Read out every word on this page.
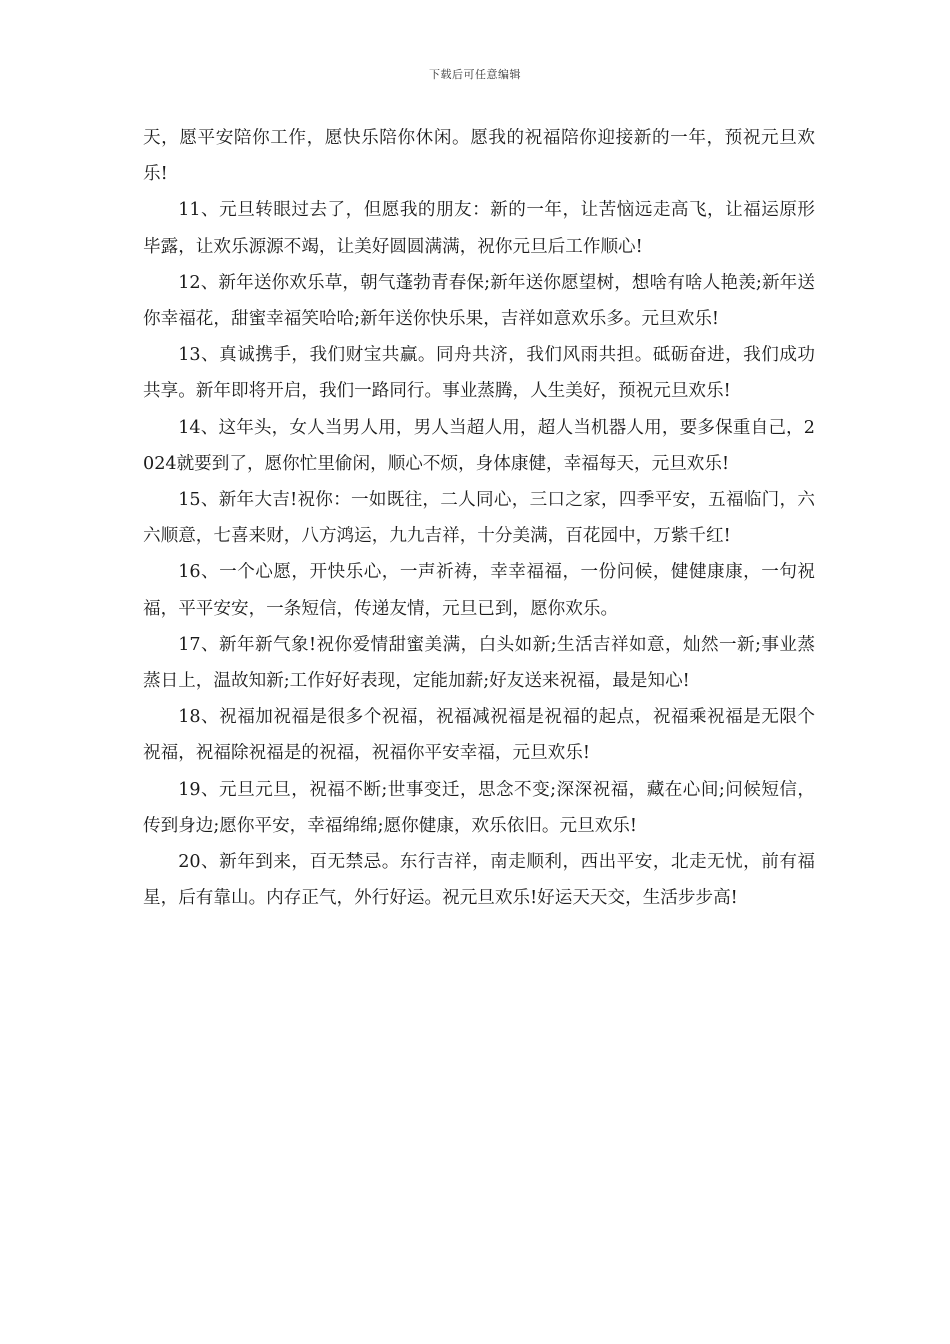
下载后可任意编辑

天，愿平安陪你工作，愿快乐陪你休闲。愿我的祝福陪你迎接新的一年，预祝元旦欢乐!

11、元旦转眼过去了，但愿我的朋友：新的一年，让苦恼远走高飞，让福运原形毕露，让欢乐源源不竭，让美好圆圆满满，祝你元旦后工作顺心!

12、新年送你欢乐草，朝气蓬勃青春保;新年送你愿望树，想啥有啥人艳羡;新年送你幸福花，甜蜜幸福笑哈哈;新年送你快乐果，吉祥如意欢乐多。元旦欢乐!

13、真诚携手，我们财宝共赢。同舟共济，我们风雨共担。砥砺奋进，我们成功共享。新年即将开启，我们一路同行。事业蒸腾，人生美好，预祝元旦欢乐!

14、这年头，女人当男人用，男人当超人用，超人当机器人用，要多保重自己，2024就要到了，愿你忙里偷闲，顺心不烦，身体康健，幸福每天，元旦欢乐!

15、新年大吉!祝你：一如既往，二人同心，三口之家，四季平安，五福临门，六六顺意，七喜来财，八方鸿运，九九吉祥，十分美满，百花园中，万紫千红!

16、一个心愿，开快乐心，一声祈祷，幸幸福福，一份问候，健健康康，一句祝福，平平安安，一条短信，传递友情，元旦已到，愿你欢乐。

17、新年新气象!祝你爱情甜蜜美满，白头如新;生活吉祥如意，灿然一新;事业蒸蒸日上，温故知新;工作好好表现，定能加薪;好友送来祝福，最是知心!

18、祝福加祝福是很多个祝福，祝福减祝福是祝福的起点，祝福乘祝福是无限个祝福，祝福除祝福是的祝福，祝福你平安幸福，元旦欢乐!

19、元旦元旦，祝福不断;世事变迁，思念不变;深深祝福，藏在心间;问候短信，传到身边;愿你平安，幸福绵绵;愿你健康，欢乐依旧。元旦欢乐!

20、新年到来，百无禁忌。东行吉祥，南走顺利，西出平安，北走无忧，前有福星，后有靠山。内存正气，外行好运。祝元旦欢乐!好运天天交，生活步步高!
